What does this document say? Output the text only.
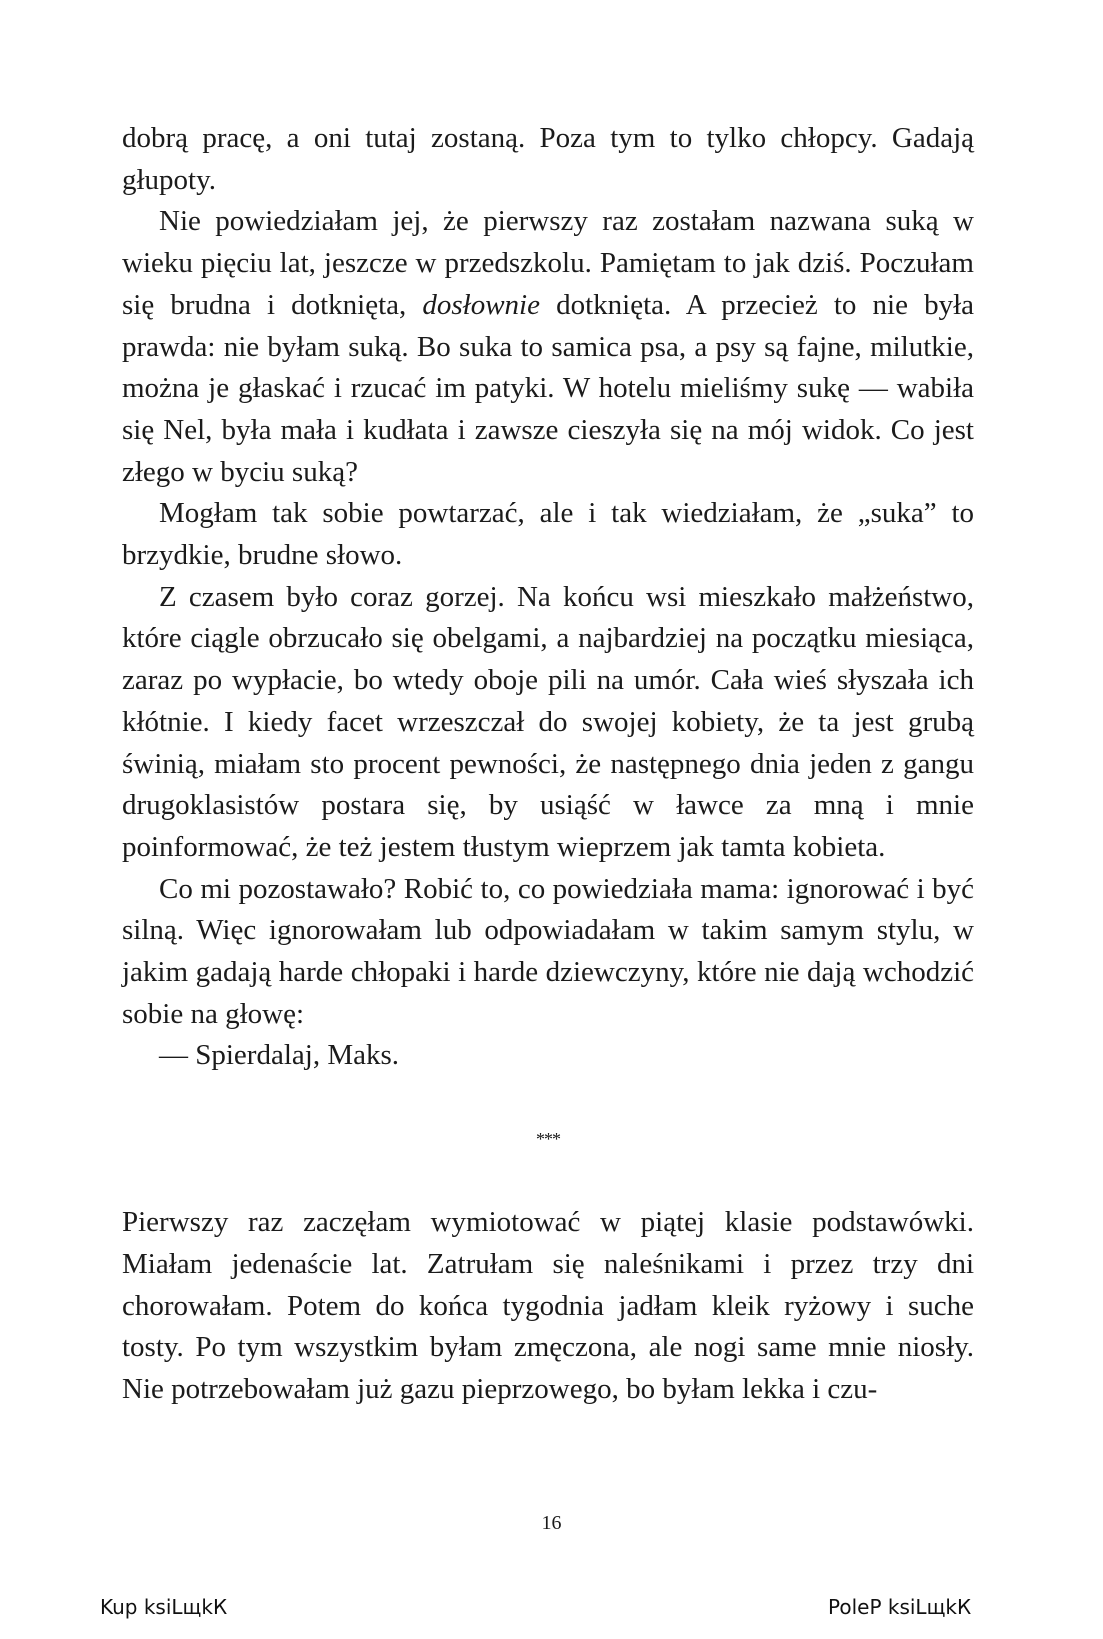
dobrą pracę, a oni tutaj zostaną. Poza tym to tylko chłopcy. Gadają głupoty.

Nie powiedziałam jej, że pierwszy raz zostałam nazwana suką w wieku pięciu lat, jeszcze w przedszkolu. Pamiętam to jak dziś. Poczułam się brudna i dotknięta, dosłownie dotknięta. A przecież to nie była prawda: nie byłam suką. Bo suka to samica psa, a psy są fajne, milutkie, można je głaskać i rzucać im patyki. W hotelu mieliśmy sukę — wabiła się Nel, była mała i kudłata i zawsze cieszyła się na mój widok. Co jest złego w byciu suką?

Mogłam tak sobie powtarzać, ale i tak wiedziałam, że „suka” to brzydkie, brudne słowo.

Z czasem było coraz gorzej. Na końcu wsi mieszkało małżeństwo, które ciągle obrzucało się obelgami, a najbardziej na początku miesiąca, zaraz po wypłacie, bo wtedy oboje pili na umór. Cała wieś słyszała ich kłótnie. I kiedy facet wrzeszczał do swojej kobiety, że ta jest grubą świnią, miałam sto procent pewności, że następnego dnia jeden z gangu drugoklasistów postara się, by usiąść w ławce za mną i mnie poinformować, że też jestem tłustym wieprzem jak tamta kobieta.

Co mi pozostawało? Robić to, co powiedziała mama: ignorować i być silną. Więc ignorowałam lub odpowiadałam w takim samym stylu, w jakim gadają harde chłopaki i harde dziewczyny, które nie dają wchodzić sobie na głowę:

— Spierdalaj, Maks.

***

Pierwszy raz zaczęłam wymiotować w piątej klasie podstawówki. Miałam jedenaście lat. Zatrułam się naleśnikami i przez trzy dni chorowałam. Potem do końca tygodnia jadłam kleik ryżowy i suche tosty. Po tym wszystkim byłam zmęczona, ale nogi same mnie niosły. Nie potrzebowałam już gazu pieprzowego, bo byłam lekka i czu-

16
Kup ksiLщkК	PoleP ksiLщkК
